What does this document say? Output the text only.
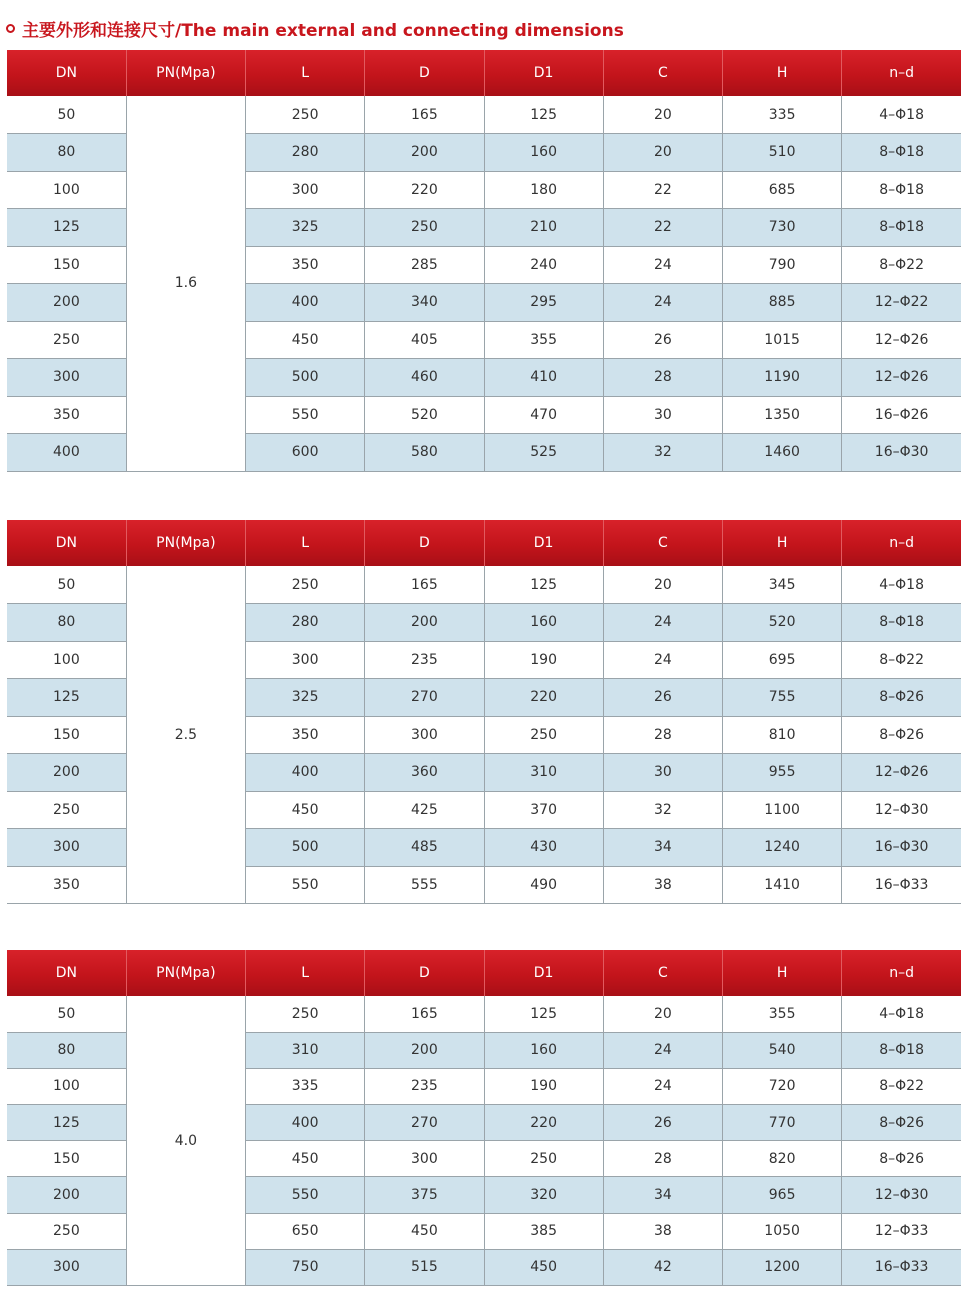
主要外形和连接尺寸/The main external and connecting dimensions
DN	PN(Mpa)	L	D	D1	C	H	n–d
50	1.6	250	165	125	20	335	4–Φ18
80		280	200	160	20	510	8–Φ18
100		300	220	180	22	685	8–Φ18
125		325	250	210	22	730	8–Φ18
150		350	285	240	24	790	8–Φ22
200		400	340	295	24	885	12–Φ22
250		450	405	355	26	1015	12–Φ26
300		500	460	410	28	1190	12–Φ26
350		550	520	470	30	1350	16–Φ26
400		600	580	525	32	1460	16–Φ30
DN	PN(Mpa)	L	D	D1	C	H	n–d
50	2.5	250	165	125	20	345	4–Φ18
80		280	200	160	24	520	8–Φ18
100		300	235	190	24	695	8–Φ22
125		325	270	220	26	755	8–Φ26
150		350	300	250	28	810	8–Φ26
200		400	360	310	30	955	12–Φ26
250		450	425	370	32	1100	12–Φ30
300		500	485	430	34	1240	16–Φ30
350		550	555	490	38	1410	16–Φ33
DN	PN(Mpa)	L	D	D1	C	H	n–d
50	4.0	250	165	125	20	355	4–Φ18
80		310	200	160	24	540	8–Φ18
100		335	235	190	24	720	8–Φ22
125		400	270	220	26	770	8–Φ26
150		450	300	250	28	820	8–Φ26
200		550	375	320	34	965	12–Φ30
250		650	450	385	38	1050	12–Φ33
300		750	515	450	42	1200	16–Φ33
